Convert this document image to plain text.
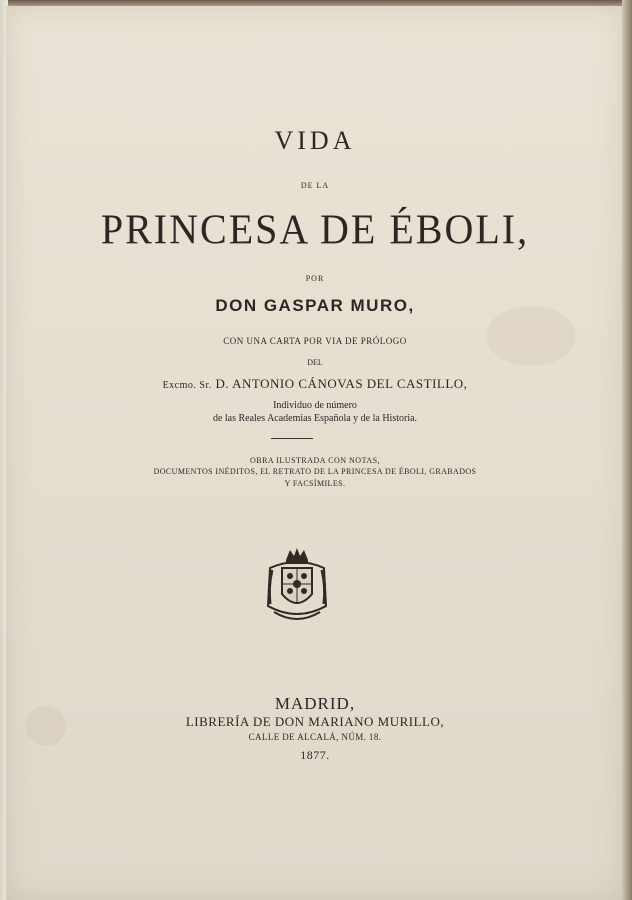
VIDA
DE LA
PRINCESA DE ÉBOLI,
POR
DON GASPAR MURO,
CON UNA CARTA POR VIA DE PRÓLOGO
DEL
Excmo. Sr. D. ANTONIO CÁNOVAS DEL CASTILLO,
Individuo de número
de las Reales Academias Española y de la Historia.
OBRA ILUSTRADA CON NOTAS,
DOCUMENTOS INÉDITOS, EL RETRATO DE LA PRINCESA DE ÉBOLI, GRABADOS
Y FACSÍMILES.
MADRID,
LIBRERÍA DE DON MARIANO MURILLO,
CALLE DE ALCALÁ, NÚM. 18.
1877.
